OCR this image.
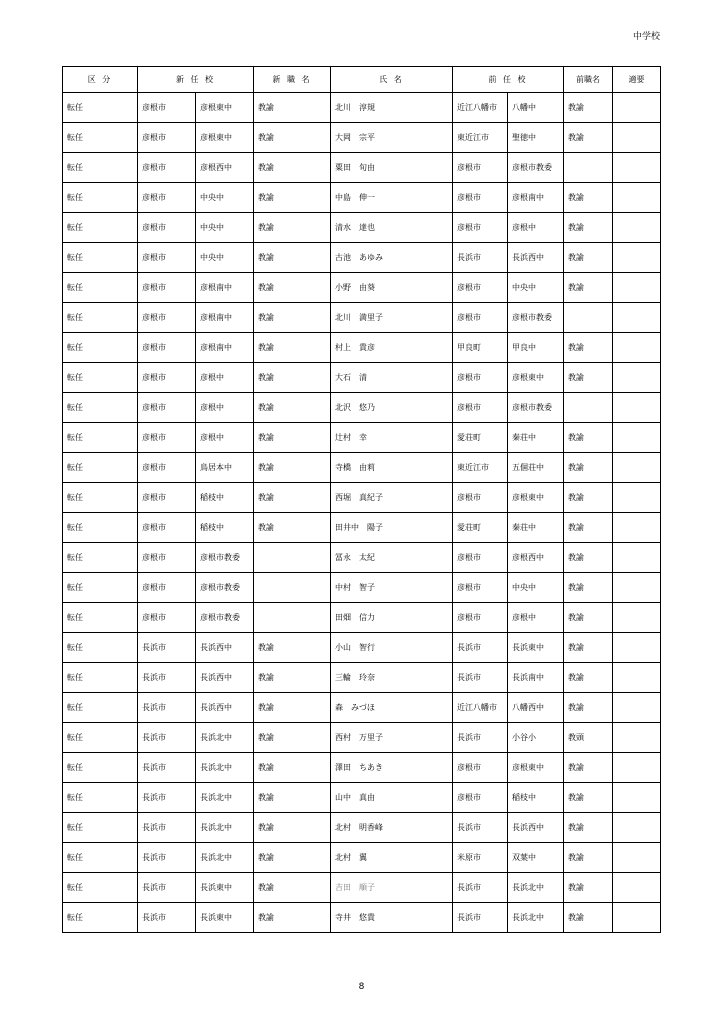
中学校
区 分	新 任 校		新 職 名	氏 名	前 任 校		前職名	適要
転任	彦根市	彦根東中	教諭	北川　淳規	近江八幡市	八幡中	教諭	
転任	彦根市	彦根東中	教諭	大岡　宗平	東近江市	聖徳中	教諭	
転任	彦根市	彦根西中	教諭	粟田　旬由	彦根市	彦根市教委		
転任	彦根市	中央中	教諭	中島　伸一	彦根市	彦根南中	教諭	
転任	彦根市	中央中	教諭	清水　達也	彦根市	彦根中	教諭	
転任	彦根市	中央中	教諭	古池　あゆみ	長浜市	長浜西中	教諭	
転任	彦根市	彦根南中	教諭	小野　由葵	彦根市	中央中	教諭	
転任	彦根市	彦根南中	教諭	北川　満里子	彦根市	彦根市教委		
転任	彦根市	彦根南中	教諭	村上　貴彦	甲良町	甲良中	教諭	
転任	彦根市	彦根中	教諭	大石　清	彦根市	彦根東中	教諭	
転任	彦根市	彦根中	教諭	北沢　悠乃	彦根市	彦根市教委		
転任	彦根市	彦根中	教諭	辻村　幸	愛荘町	秦荘中	教諭	
転任	彦根市	鳥居本中	教諭	寺橋　由莉	東近江市	五個荘中	教諭	
転任	彦根市	稲枝中	教諭	西堀　真紀子	彦根市	彦根東中	教諭	
転任	彦根市	稲枝中	教諭	田井中　陽子	愛荘町	秦荘中	教諭	
転任	彦根市	彦根市教委		冨永　太紀	彦根市	彦根西中	教諭	
転任	彦根市	彦根市教委		中村　智子	彦根市	中央中	教諭	
転任	彦根市	彦根市教委		田畑　信力	彦根市	彦根中	教諭	
転任	長浜市	長浜西中	教諭	小山　智行	長浜市	長浜東中	教諭	
転任	長浜市	長浜西中	教諭	三輪　玲奈	長浜市	長浜南中	教諭	
転任	長浜市	長浜西中	教諭	森　みづほ	近江八幡市	八幡西中	教諭	
転任	長浜市	長浜北中	教諭	西村　万里子	長浜市	小谷小	教頭	
転任	長浜市	長浜北中	教諭	澤田　ちあき	彦根市	彦根東中	教諭	
転任	長浜市	長浜北中	教諭	山中　真由	彦根市	稲枝中	教諭	
転任	長浜市	長浜北中	教諭	北村　明香峰	長浜市	長浜西中	教諭	
転任	長浜市	長浜北中	教諭	北村　翼	米原市	双葉中	教諭	
転任	長浜市	長浜東中	教諭	吉田　順子	長浜市	長浜北中	教諭	
転任	長浜市	長浜東中	教諭	寺井　悠貴	長浜市	長浜北中	教諭	
8
